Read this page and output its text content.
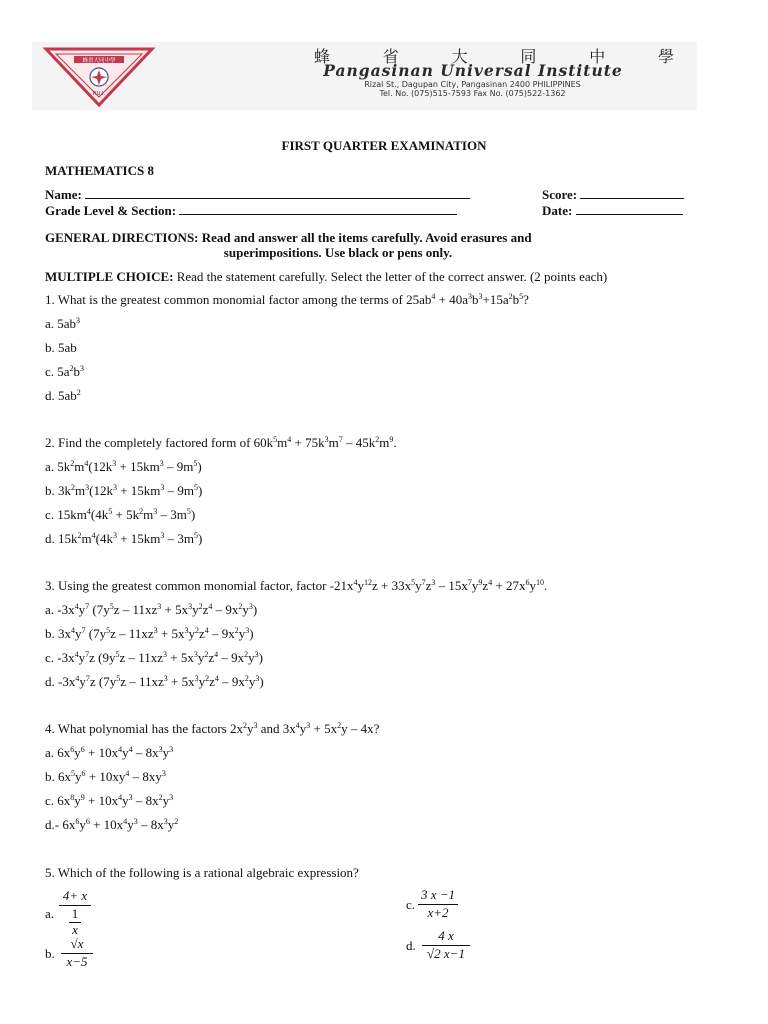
蜂省大同中學
P.U.I.
蜂	省	大	同	中	學
Pangasinan Universal Institute
Rizal St., Dagupan City, Pangasinan 2400 PHILIPPINES
Tel. No. (075)515-7593 Fax No. (075)522-1362
FIRST QUARTER EXAMINATION
MATHEMATICS 8
Name:	Score:
Grade Level & Section:	Date:
GENERAL DIRECTIONS: Read and answer all the items carefully. Avoid erasures and
superimpositions. Use black or pens only.
MULTIPLE CHOICE: Read the statement carefully. Select the letter of the correct answer. (2 points each)
1. What is the greatest common monomial factor among the terms of $25ab^4 + 40a^3b^3+15a^2b^5$?
a. $5ab^3$
b. 5ab
c. $5a^2b^3$
d. $5ab^2$
2. Find the completely factored form of $60k^5m^4 + 75k^3m^7 - 45k^2m^9$.
a. $5k^2m^4(12k^3 + 15km^3 - 9m^5)$
b. $3k^2m^3(12k^3 + 15km^3 - 9m^5)$
c. $15km^4(4k^5 + 5k^2m^3 - 3m^5)$
d. $15k^2m^4(4k^3 + 15km^3 - 3m^5)$
3. Using the greatest common monomial factor, factor $-21x^4y^{12}z + 33x^5y^7z^3 - 15x^7y^9z^4 + 27x^6y^{10}$.
a. $-3x^4y^7$ $(7y^5z - 11xz^3 + 5x^3y^2z^4 - 9x^2y^3)$
b. $3x^4y^7$ $(7y^5z - 11xz^3 + 5x^3y^2z^4 - 9x^2y^3)$
c. $-3x^4y^7z$ $(9y^5z - 11xz^3 + 5x^3y^2z^4 - 9x^2y^3)$
d. $-3x^4y^7z$ $(7y^5z - 11xz^3 + 5x^3y^2z^4 - 9x^2y^3)$
4. What polynomial has the factors $2x^2y^3$ and $3x^4y^3 + 5x^2y - 4x$?
a. $6x^6y^6 + 10x^4y^4 - 8x^3y^3$
b. $6x^5y^6 + 10xy^4 - 8xy^3$
c. $6x^8y^9 + 10x^4y^3 - 8x^2y^3$
d.- $6x^6y^6 + 10x^4y^3 - 8x^3y^2$
5. Which of the following is a rational algebraic expression?
a.
4+ x
1
x
b.
√x
x−5
c.
3 x −1
x+2
d.
4 x
√2 x−1
